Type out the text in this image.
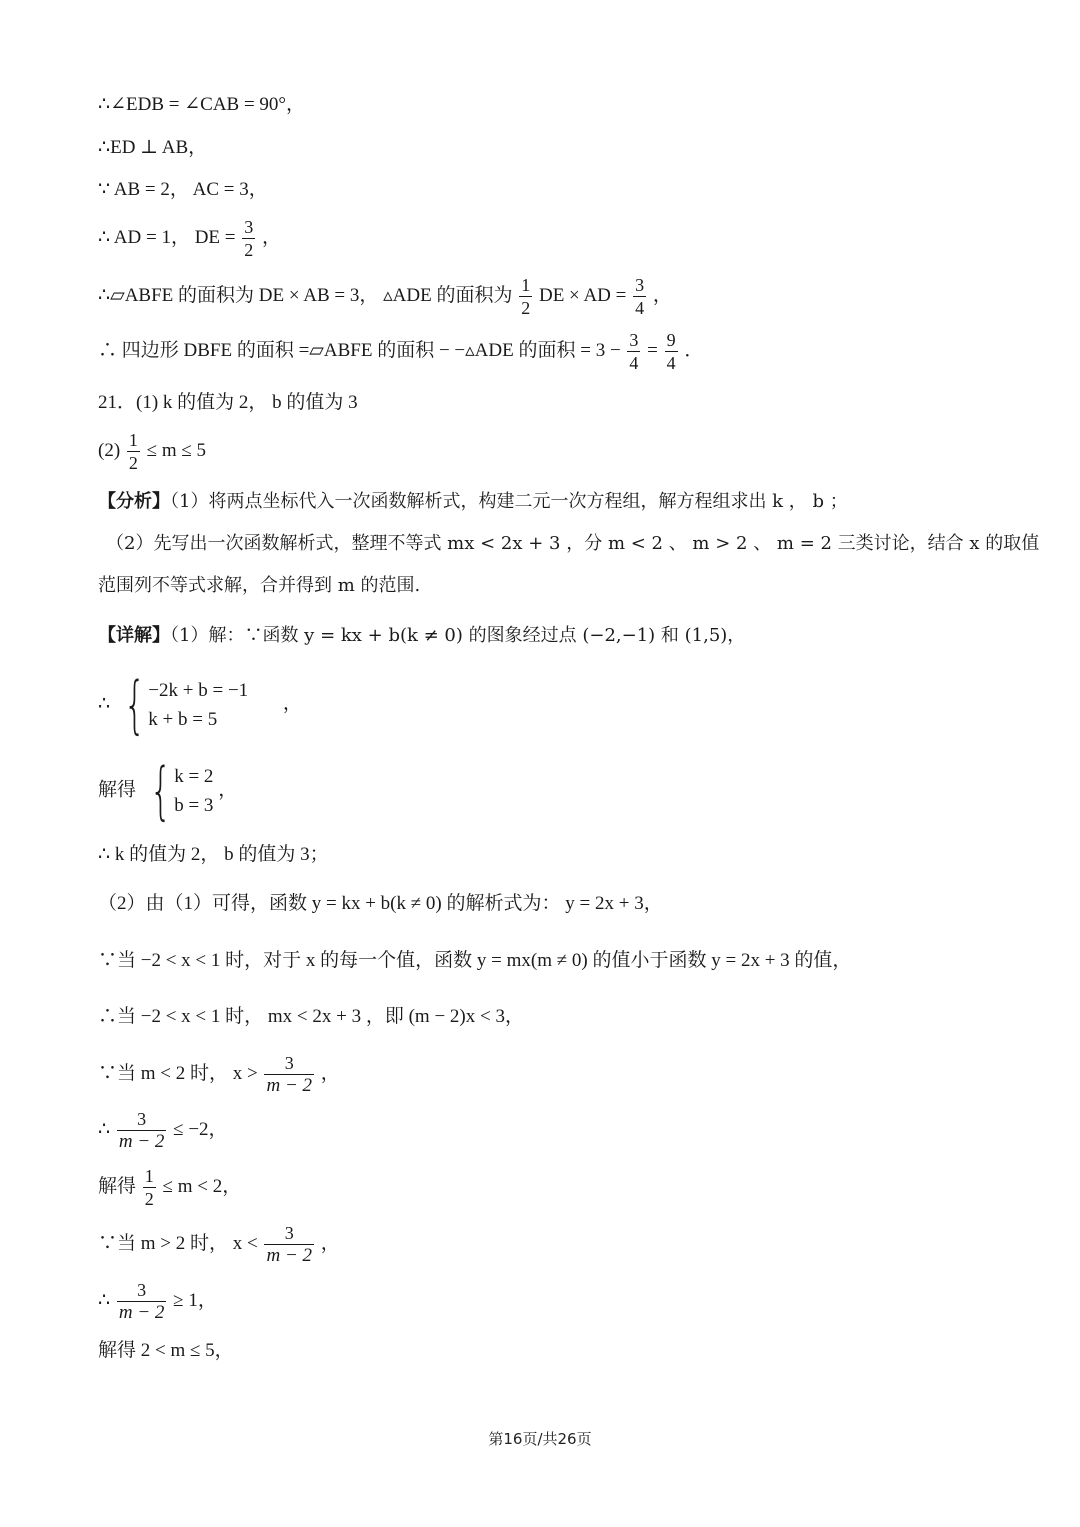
∴∠EDB = ∠CAB = 90°，
∴ED ⊥ AB，
∵ AB = 2， AC = 3，
∴ AD = 1， DE = $\frac{3}{2}$ ，
∴▱ABFE 的面积为 DE × AB = 3， ▵ADE 的面积为 $\frac{1}{2}$ DE × AD = $\frac{3}{4}$ ，
∴ 四边形 DBFE 的面积 =▱ABFE 的面积 − −▵ADE 的面积 = $3 - \frac{3}{4} = \frac{9}{4}$ ．
21．(1) k 的值为 2， b 的值为 3
$(2) \frac{1}{2} \le m \le 5$
【分析】（1）将两点坐标代入一次函数解析式，构建二元一次方程组，解方程组求出 k ， b ；
（2）先写出一次函数解析式，整理不等式 mx < 2x + 3 ，分 m < 2 、 m > 2 、 m = 2 三类讨论，结合 x 的取值
范围列不等式求解，合并得到 m 的范围.
【详解】（1）解：∵函数 y = kx + b(k ≠ 0) 的图象经过点 (−2,−1) 和 (1,5)，
∴ { −2k + b = −1
k + b = 5
，
解得 { k = 2
b = 3
，
∴ k 的值为 2， b 的值为 3；
（2）由（1）可得，函数 y = kx + b(k ≠ 0) 的解析式为： y = 2x + 3，
∵当 −2 < x < 1 时，对于 x 的每一个值，函数 y = mx(m ≠ 0) 的值小于函数 y = 2x + 3 的值，
∴当 −2 < x < 1 时， mx < 2x + 3 ，即 (m − 2)x < 3，
∵当 m < 2 时， $x > \frac{3}{m - 2}$ ，
∴ $\frac{3}{m - 2} \le -2$，
解得 $\frac{1}{2} \le m < 2$，
∵当 m > 2 时， $x < \frac{3}{m - 2}$ ，
∴ $\frac{3}{m - 2} \ge 1$，
解得 2 < m ≤ 5，
第16页/共26页
